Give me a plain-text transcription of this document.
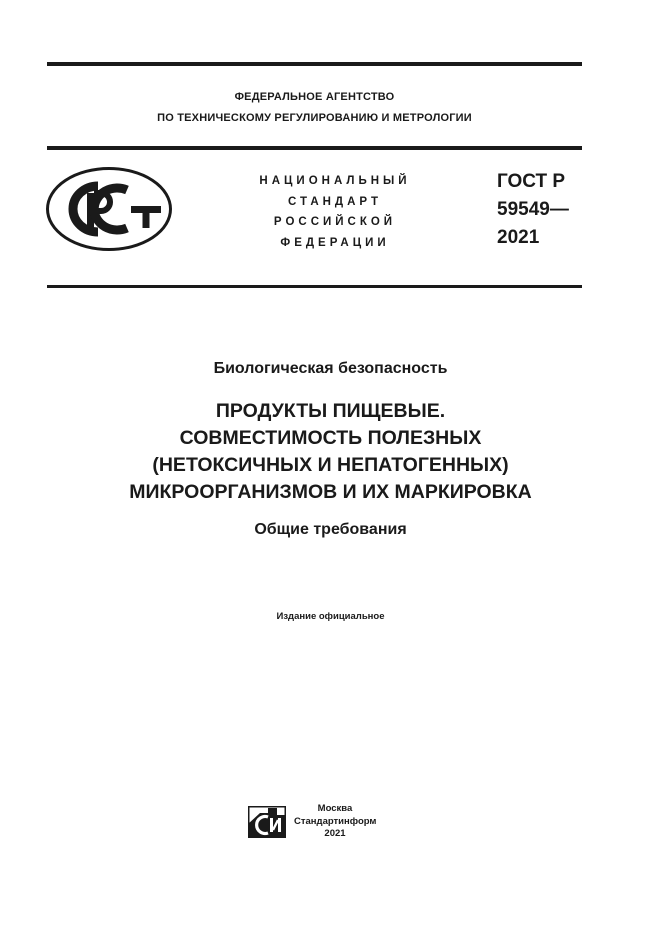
ФЕДЕРАЛЬНОЕ АГЕНТСТВО
ПО ТЕХНИЧЕСКОМУ РЕГУЛИРОВАНИЮ И МЕТРОЛОГИИ
НАЦИОНАЛЬНЫЙ
СТАНДАРТ
РОССИЙСКОЙ
ФЕДЕРАЦИИ
ГОСТ Р
59549—
2021
Биологическая безопасность
ПРОДУКТЫ ПИЩЕВЫЕ.
СОВМЕСТИМОСТЬ ПОЛЕЗНЫХ
(НЕТОКСИЧНЫХ И НЕПАТОГЕННЫХ)
МИКРООРГАНИЗМОВ И ИХ МАРКИРОВКА
Общие требования
Издание официальное
Москва
Стандартинформ
2021
